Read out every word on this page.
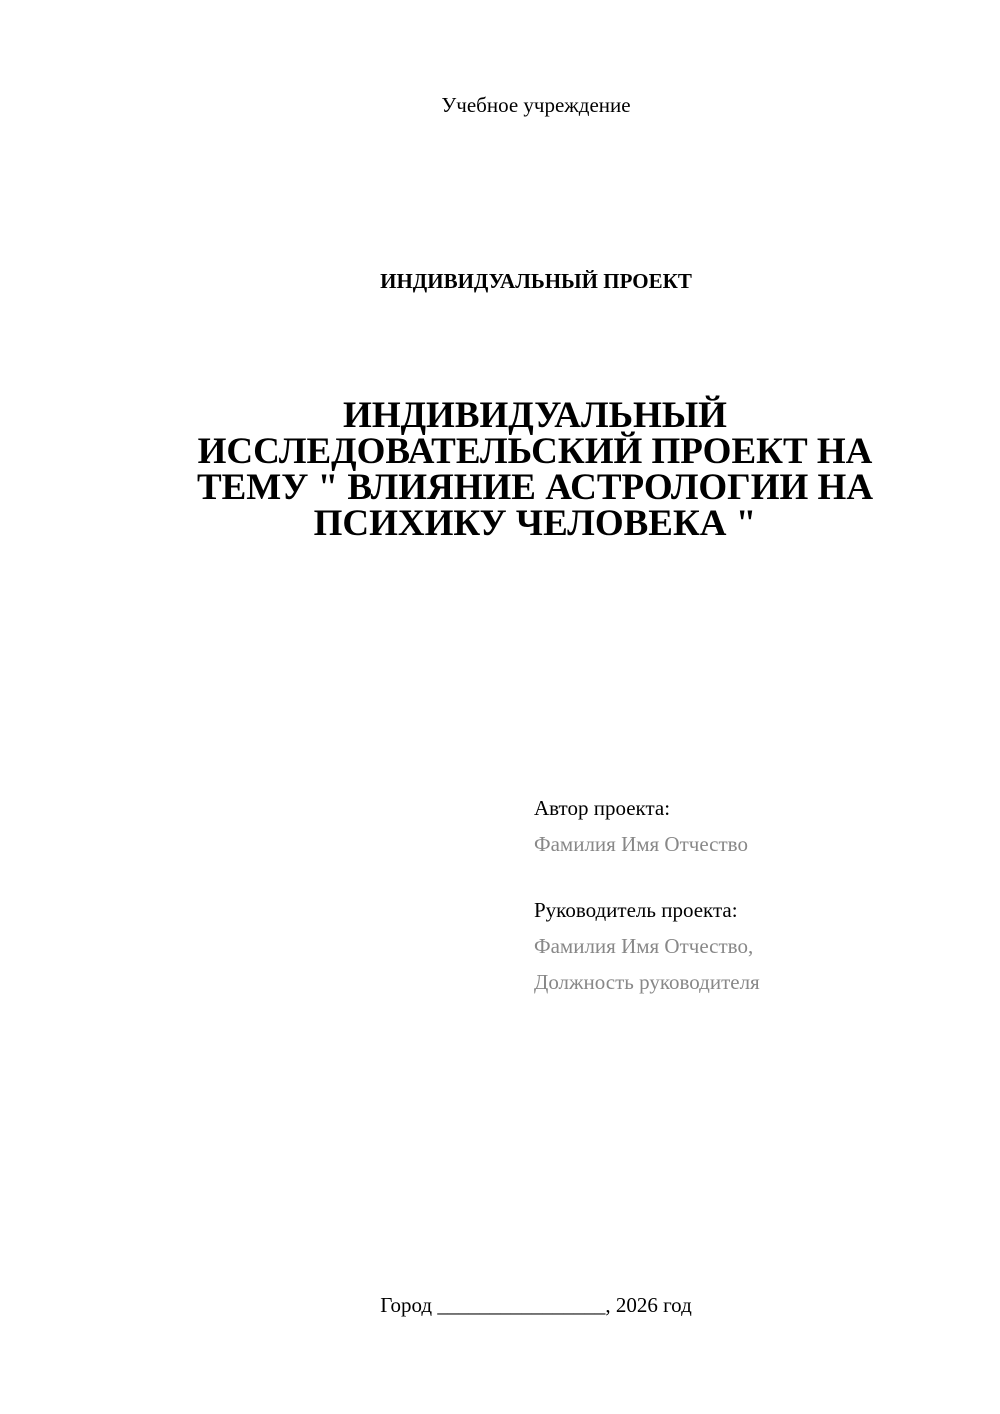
Учебное учреждение
ИНДИВИДУАЛЬНЫЙ ПРОЕКТ
ИНДИВИДУАЛЬНЫЙ
ИССЛЕДОВАТЕЛЬСКИЙ ПРОЕКТ НА
ТЕМУ " ВЛИЯНИЕ АСТРОЛОГИИ НА
ПСИХИКУ ЧЕЛОВЕКА "
Автор проекта:
Фамилия Имя Отчество
Руководитель проекта:
Фамилия Имя Отчество,
Должность руководителя
Город ________________, 2026 год
